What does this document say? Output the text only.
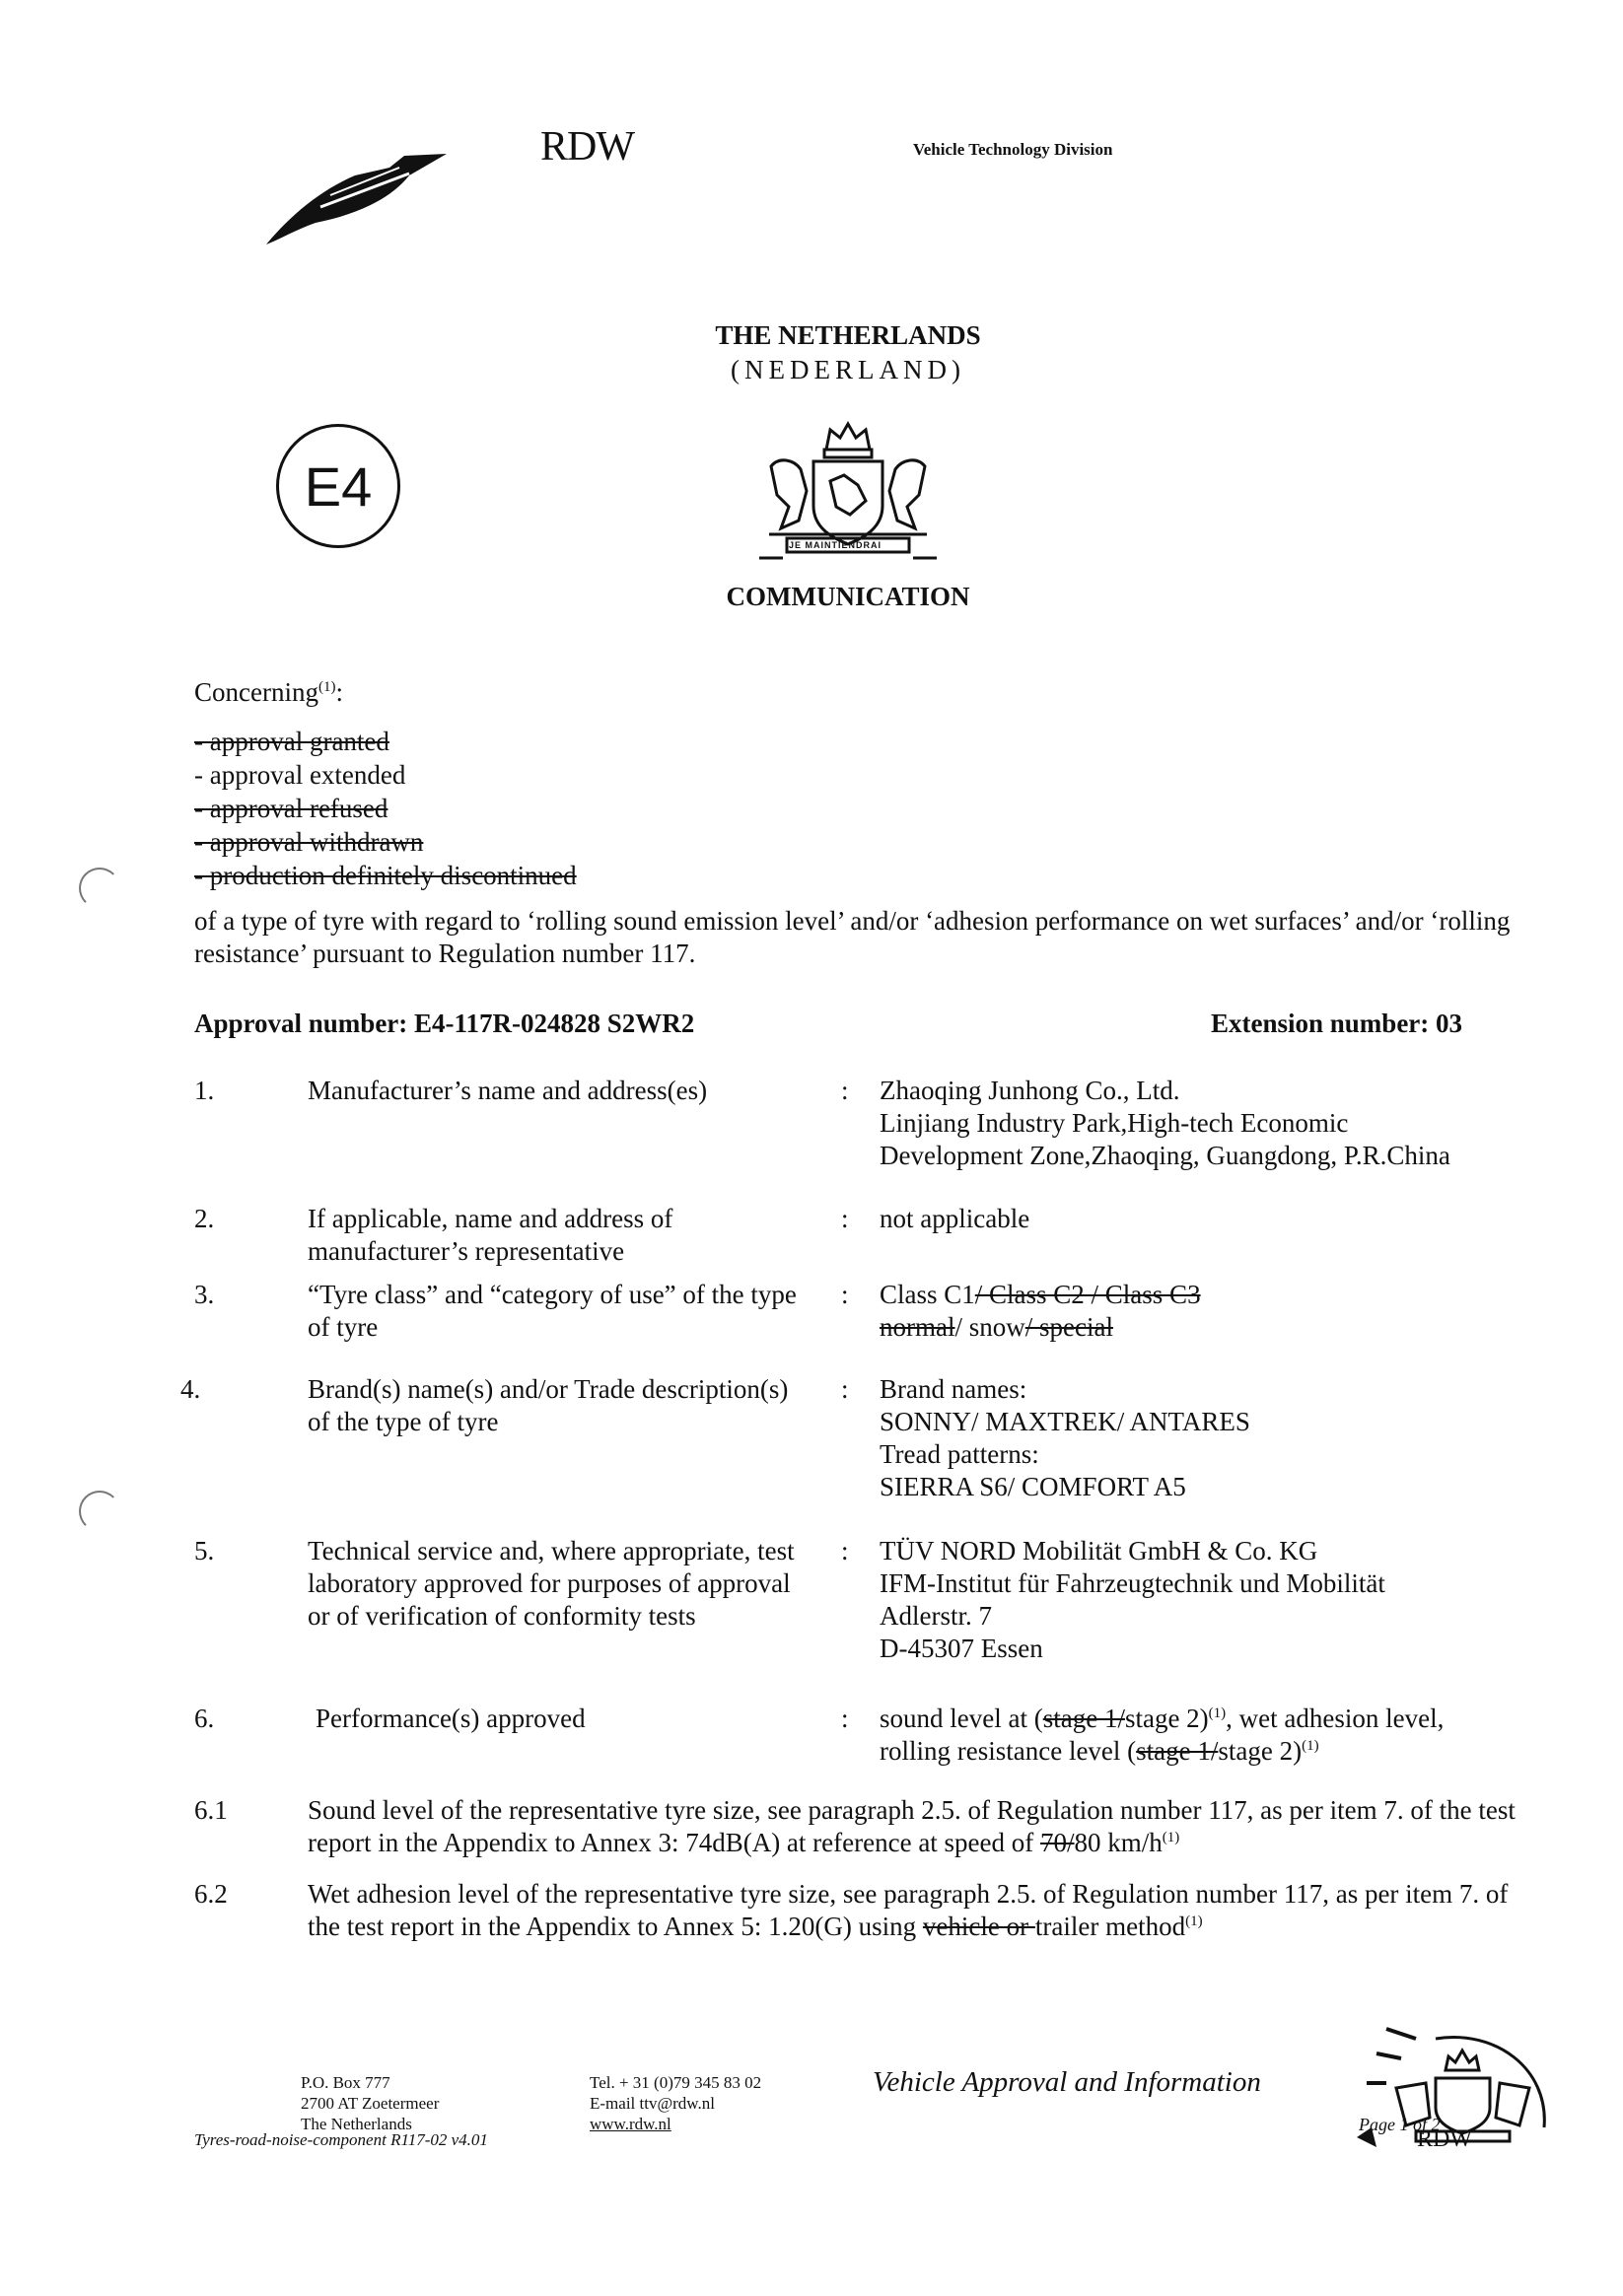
RDW	Vehicle Technology Division
THE NETHERLANDS
(NEDERLAND)
E4
JE MAINTIENDRAI
COMMUNICATION
Concerning$^{(1)}$:
- approval granted
- approval extended
- approval refused
- approval withdrawn
- production definitely discontinued
of a type of tyre with regard to ‘rolling sound emission level’ and/or ‘adhesion performance on wet surfaces’ and/or ‘rolling resistance’ pursuant to Regulation number 117.
Approval number: E4-117R-024828 S2WR2	Extension number: 03
1.	Manufacturer’s name and address(es)	: Zhaoqing Junhong Co., Ltd.
Linjiang Industry Park,High-tech Economic
Development Zone,Zhaoqing, Guangdong, P.R.China
2.	If applicable, name and address of manufacturer’s representative
: not applicable
3.	“Tyre class” and “category of use” of the type of tyre
: Class C1/ Class C2 / Class C3
normal/ snow/ special
4.	Brand(s) name(s) and/or Trade description(s) of the type of tyre
: Brand names:
SONNY/ MAXTREK/ ANTARES
Tread patterns:
SIERRA S6/ COMFORT A5
5.	Technical service and, where appropriate, test laboratory approved for purposes of approval or of verification of conformity tests
: TÜV NORD Mobilität GmbH & Co. KG
IFM-Institut für Fahrzeugtechnik und Mobilität
Adlerstr. 7
D-45307 Essen
6.	Performance(s) approved	: sound level at (stage 1/stage 2)$^{(1)}$, wet adhesion level,
rolling resistance level (stage 1/stage 2)$^{(1)}$
6.1	Sound level of the representative tyre size, see paragraph 2.5. of Regulation number 117, as per item 7. of the test report in the Appendix to Annex 3: 74dB(A) at reference at speed of 70/80 $km/h^{(1)}$
6.2	Wet adhesion level of the representative tyre size, see paragraph 2.5. of Regulation number 117, as per item 7. of the test report in the Appendix to Annex 5: 1.20(G) using vehicle or trailer method$^{(1)}$
P.O. Box 777
2700 AT Zoetermeer
The Netherlands
Tel. + 31 (0)79 345 83 02
E-mail ttv@rdw.nl
www.rdw.nl
Vehicle Approval and Information
Tyres-road-noise-component R117-02 v4.01
Page 1 of 2
RDW
